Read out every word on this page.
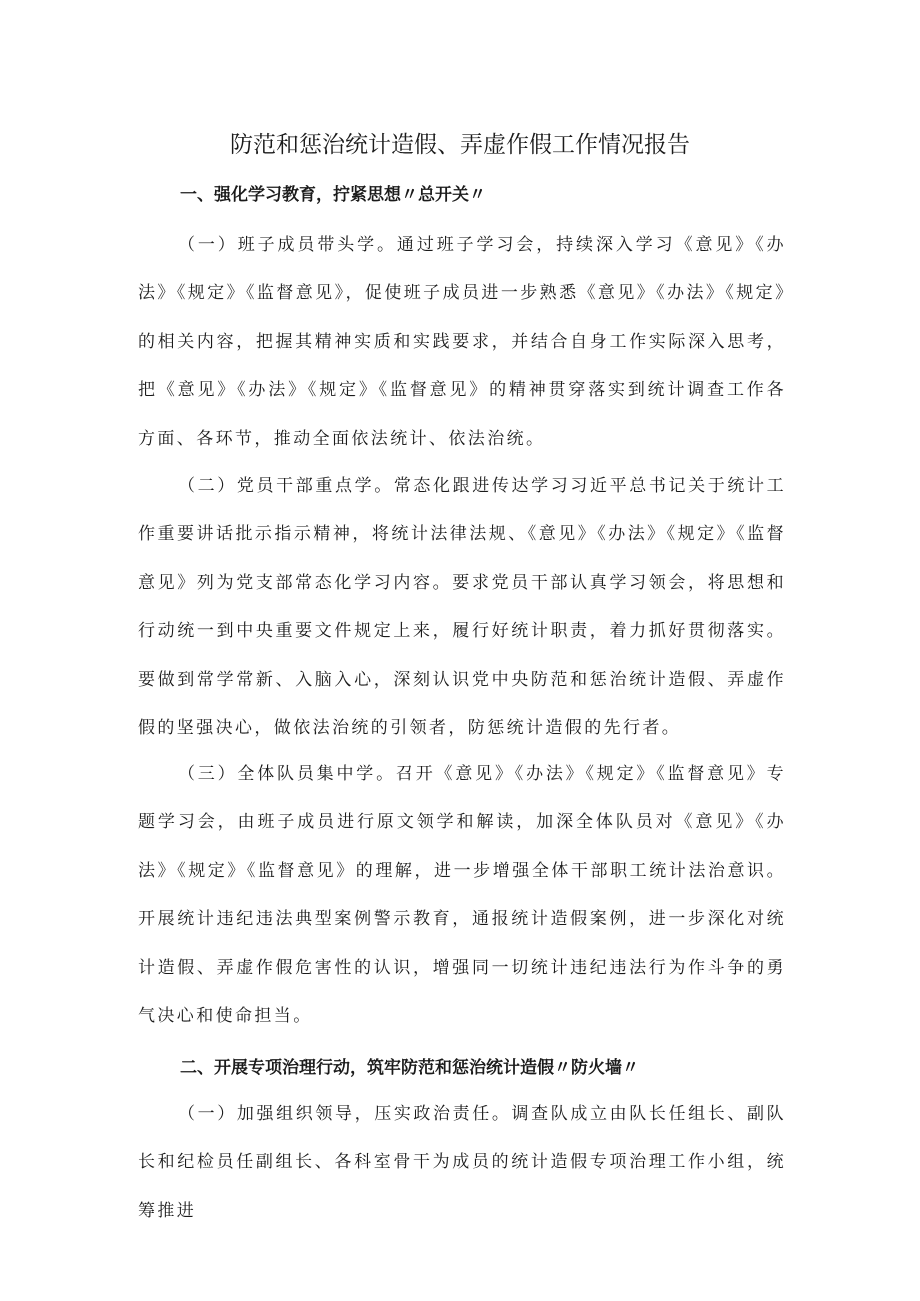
防范和惩治统计造假、弄虚作假工作情况报告
一、强化学习教育，拧紧思想〃总开关〃

（一）班子成员带头学。通过班子学习会，持续深入学习《意见》《办法》《规定》《监督意见》，促使班子成员进一步熟悉《意见》《办法》《规定》的相关内容，把握其精神实质和实践要求，并结合自身工作实际深入思考，把《意见》《办法》《规定》《监督意见》的精神贯穿落实到统计调查工作各方面、各环节，推动全面依法统计、依法治统。

（二）党员干部重点学。常态化跟进传达学习习近平总书记关于统计工作重要讲话批示指示精神，将统计法律法规、《意见》《办法》《规定》《监督意见》列为党支部常态化学习内容。要求党员干部认真学习领会，将思想和行动统一到中央重要文件规定上来，履行好统计职责，着力抓好贯彻落实。要做到常学常新、入脑入心，深刻认识党中央防范和惩治统计造假、弄虚作假的坚强决心，做依法治统的引领者，防惩统计造假的先行者。

（三）全体队员集中学。召开《意见》《办法》《规定》《监督意见》专题学习会，由班子成员进行原文领学和解读，加深全体队员对《意见》《办法》《规定》《监督意见》的理解，进一步增强全体干部职工统计法治意识。开展统计违纪违法典型案例警示教育，通报统计造假案例，进一步深化对统计造假、弄虚作假危害性的认识，增强同一切统计违纪违法行为作斗争的勇气决心和使命担当。

二、开展专项治理行动，筑牢防范和惩治统计造假〃防火墙〃

（一）加强组织领导，压实政治责任。调查队成立由队长任组长、副队长和纪检员任副组长、各科室骨干为成员的统计造假专项治理工作小组，统筹推进
